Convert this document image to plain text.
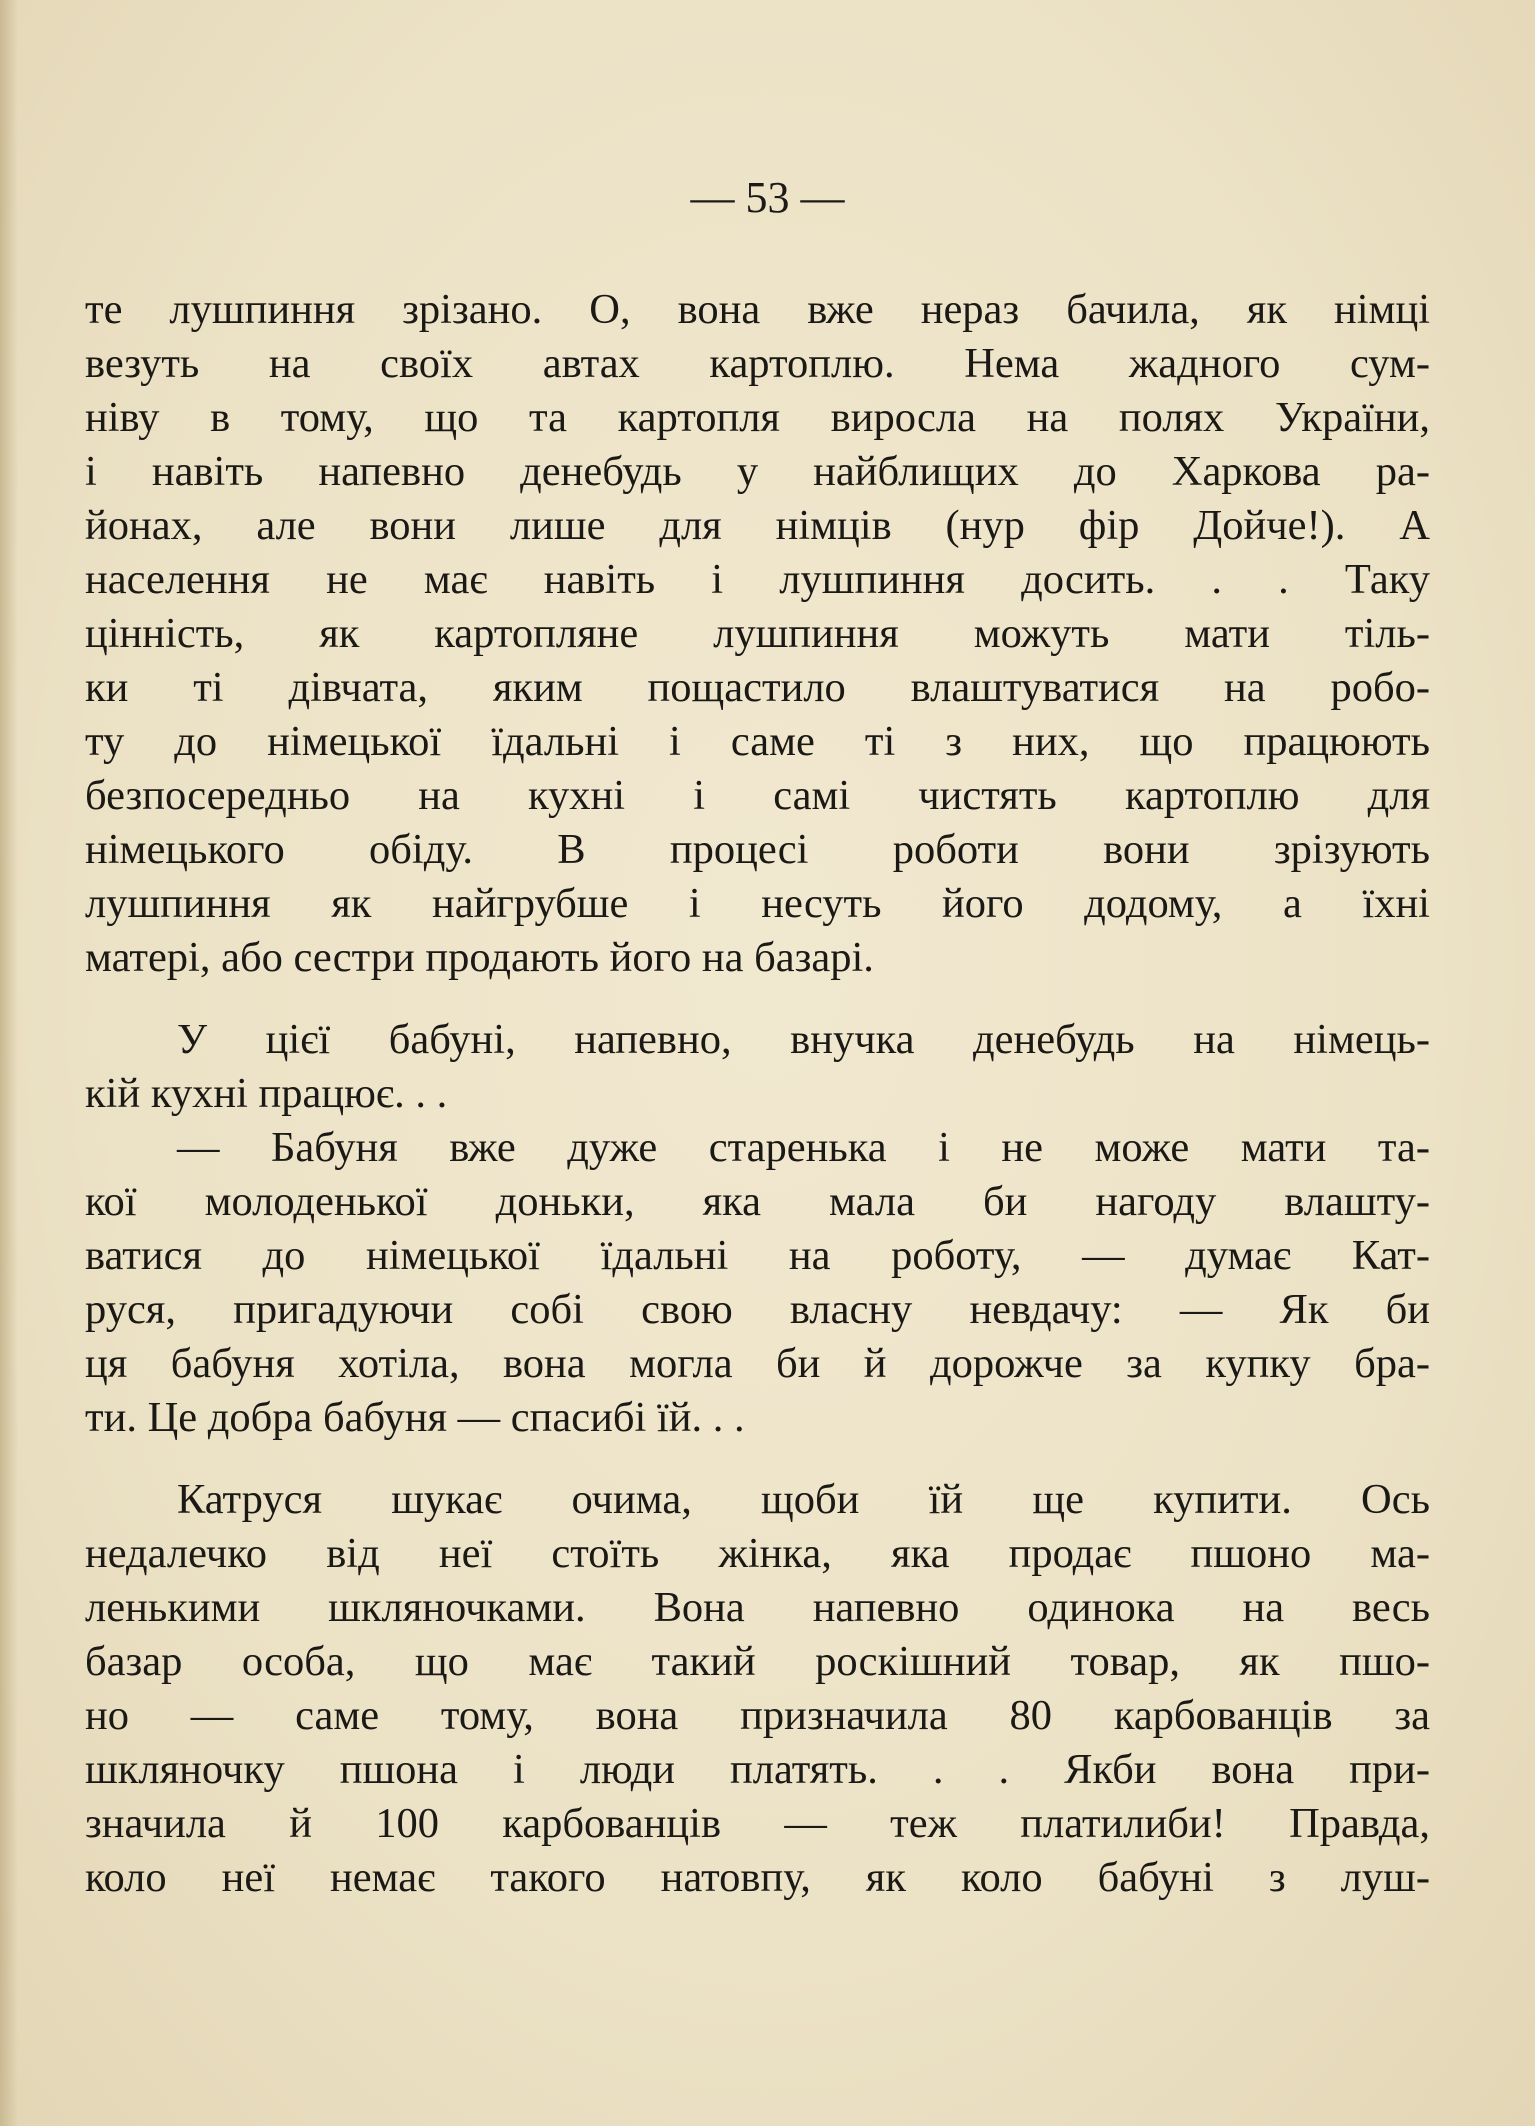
— 53 —
те лушпиння зрізано. О, вона вже нераз бачила, як німці
везуть на своїх автах картоплю. Нема жадного сум-
ніву в тому, що та картопля виросла на полях України,
і навіть напевно денебудь у найблищих до Харкова ра-
йонах, але вони лише для німців (нур фір Дойче!). А
населення не має навіть і лушпиння досить. . . Таку
цінність, як картопляне лушпиння можуть мати тіль-
ки ті дівчата, яким пощастило влаштуватися на робо-
ту до німецької їдальні і саме ті з них, що працюють
безпосередньо на кухні і самі чистять картоплю для
німецького обіду. В процесі роботи вони зрізують
лушпиння як найгрубше і несуть його додому, а їхні
матері, або сестри продають його на базарі.
У цієї бабуні, напевно, внучка денебудь на німець-
кій кухні працює. . .
— Бабуня вже дуже старенька і не може мати та-
кої молоденької доньки, яка мала би нагоду влашту-
ватися до німецької їдальні на роботу, — думає Кат-
руся, пригадуючи собі свою власну невдачу: — Як би
ця бабуня хотіла, вона могла би й дорожче за купку бра-
ти. Це добра бабуня — спасибі їй. . .
Катруся шукає очима, щоби їй ще купити. Ось
недалечко від неї стоїть жінка, яка продає пшоно ма-
ленькими шкляночками. Вона напевно одинока на весь
базар особа, що має такий роскішний товар, як пшо-
но — саме тому, вона призначила 80 карбованців за
шкляночку пшона і люди платять. . . Якби вона при-
значила й 100 карбованців — теж платилиби! Правда,
коло неї немає такого натовпу, як коло бабуні з луш-
